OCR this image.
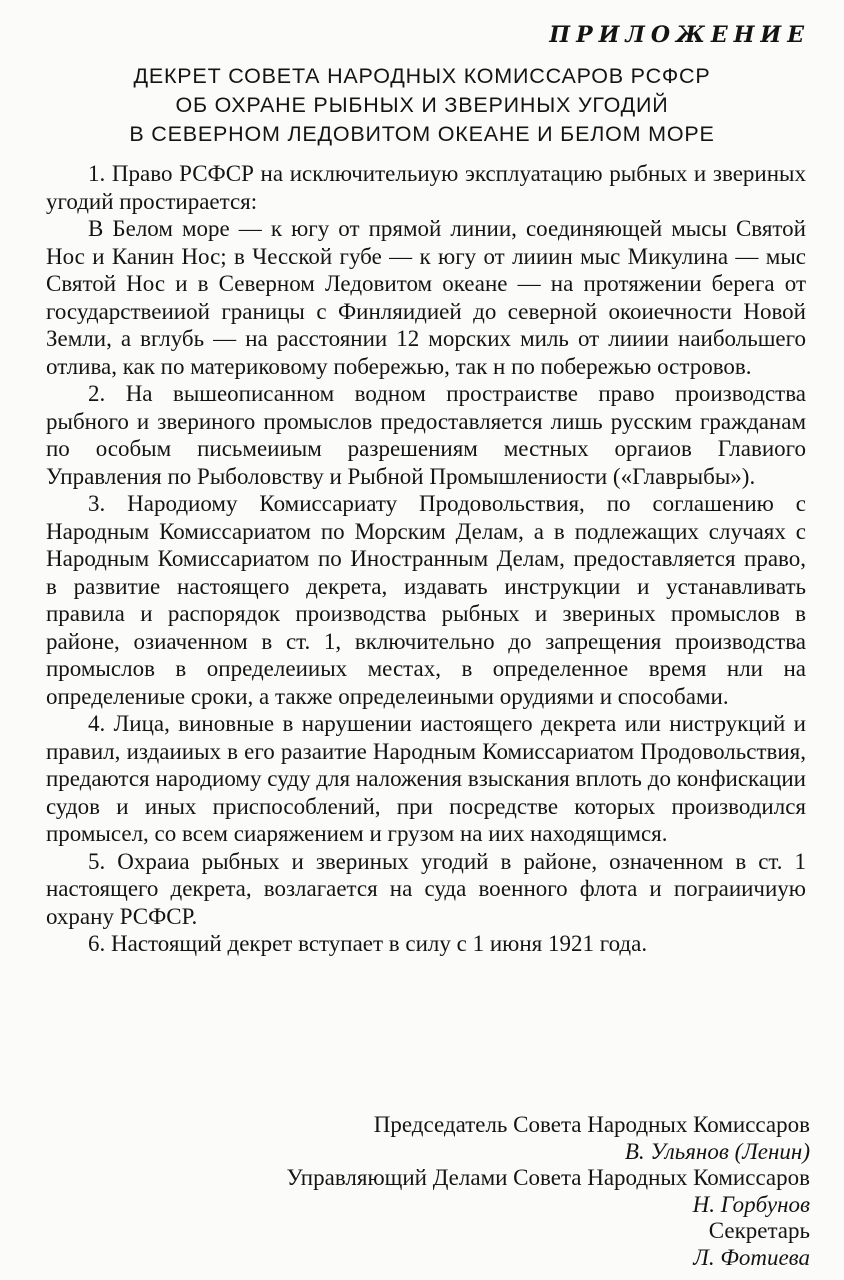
ПРИЛОЖЕНИЕ

ДЕКРЕТ СОВЕТА НАРОДНЫХ КОМИССАРОВ РСФСР
ОБ ОХРАНЕ РЫБНЫХ И ЗВЕРИНЫХ УГОДИЙ
В СЕВЕРНОМ ЛЕДОВИТОМ ОКЕАНЕ И БЕЛОМ МОРЕ

1. Право РСФСР на исключительиую эксплуатацию рыбных и звериных угодий простирается:

В Белом море — к югу от прямой линии, соединяющей мысы Святой Нос и Канин Нос; в Чесской губе — к югу от лииин мыс Микулина — мыс Святой Нос и в Северном Ледовитом океане — на протяжении берега от государствеииой границы с Финляидией до северной окоиечности Новой Земли, а вглубь — на расстоянии 12 морских миль от лииии наибольшего отлива, как по материковому побережью, так н по побережью островов.

2. На вышеописанном водном простраистве право производства рыбного и звериного промыслов предоставляется лишь русским гражданам по особым письмеииым разрешениям местных оргаиов Главиого Управления по Рыболовству и Рыбной Промышлениости («Главрыбы»).

3. Народиому Комиссариату Продовольствия, по соглашению с Народным Комиссариатом по Морским Делам, а в подлежащих случаях с Народным Комиссариатом по Иностранным Делам, предоставляется право, в развитие настоящего декрета, издавать инструкции и устанавливать правила и распорядок производства рыбных и звериных промыслов в районе, озиаченном в ст. 1, включительно до запрещения производства промыслов в определеииых местах, в определенное время нли на определениые сроки, а также определеиными орудиями и способами.

4. Лица, виновные в нарушении иастоящего декрета или ниструкций и правил, издаииых в его разаитие Народным Комиссариатом Продовольствия, предаются народиому суду для наложения взыскания вплоть до конфискации судов и иных приспособлений, при посредстве которых производился промысел, со всем сиаряжением и грузом на иих находящимся.

5. Охраиа рыбных и звериных угодий в районе, означенном в ст. 1 настоящего декрета, возлагается на суда военного флота и пограиичиую охрану РСФСР.

6. Настоящий декрет вступает в силу с 1 июня 1921 года.

Председатель Совета Народных Комиссаров
В. Ульянов (Ленин)
Управляющий Делами Совета Народных Комиссаров
Н. Горбунов
Секретарь
Л. Фотиева
